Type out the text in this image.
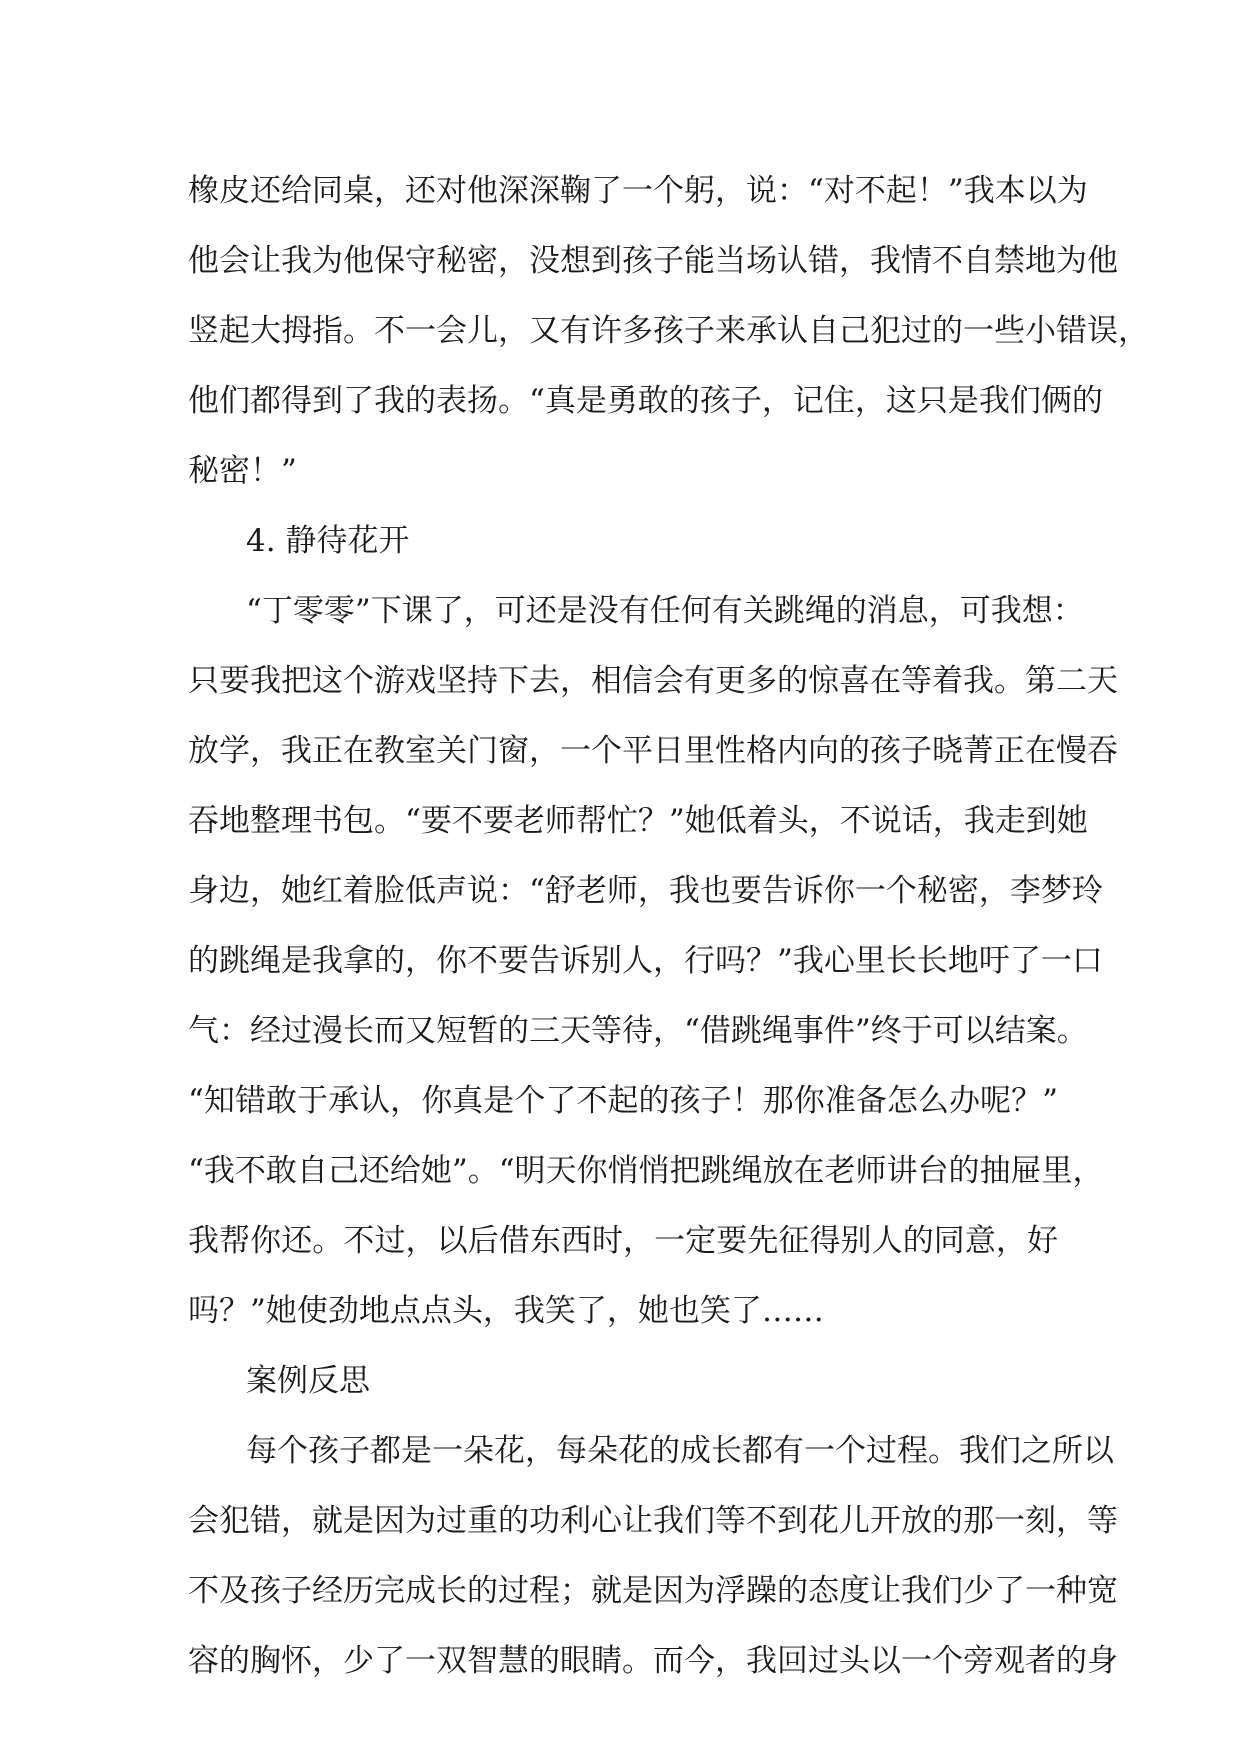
橡皮还给同桌，还对他深深鞠了一个躬，说：“对不起！”我本以为
他会让我为他保守秘密，没想到孩子能当场认错，我情不自禁地为他
竖起大拇指。不一会儿，又有许多孩子来承认自己犯过的一些小错误，
他们都得到了我的表扬。“真是勇敢的孩子，记住，这只是我们俩的
秘密！”
4. 静待花开
“丁零零”下课了，可还是没有任何有关跳绳的消息，可我想：
只要我把这个游戏坚持下去，相信会有更多的惊喜在等着我。第二天
放学，我正在教室关门窗，一个平日里性格内向的孩子晓菁正在慢吞
吞地整理书包。“要不要老师帮忙？”她低着头，不说话，我走到她
身边，她红着脸低声说：“舒老师，我也要告诉你一个秘密，李梦玲
的跳绳是我拿的，你不要告诉别人，行吗？”我心里长长地吁了一口
气：经过漫长而又短暂的三天等待，“借跳绳事件”终于可以结案。
“知错敢于承认，你真是个了不起的孩子！那你准备怎么办呢？”
“我不敢自己还给她”。“明天你悄悄把跳绳放在老师讲台的抽屉里，
我帮你还。不过，以后借东西时，一定要先征得别人的同意，好
吗？”她使劲地点点头，我笑了，她也笑了……
案例反思
每个孩子都是一朵花，每朵花的成长都有一个过程。我们之所以
会犯错，就是因为过重的功利心让我们等不到花儿开放的那一刻，等
不及孩子经历完成长的过程；就是因为浮躁的态度让我们少了一种宽
容的胸怀，少了一双智慧的眼睛。而今，我回过头以一个旁观者的身
